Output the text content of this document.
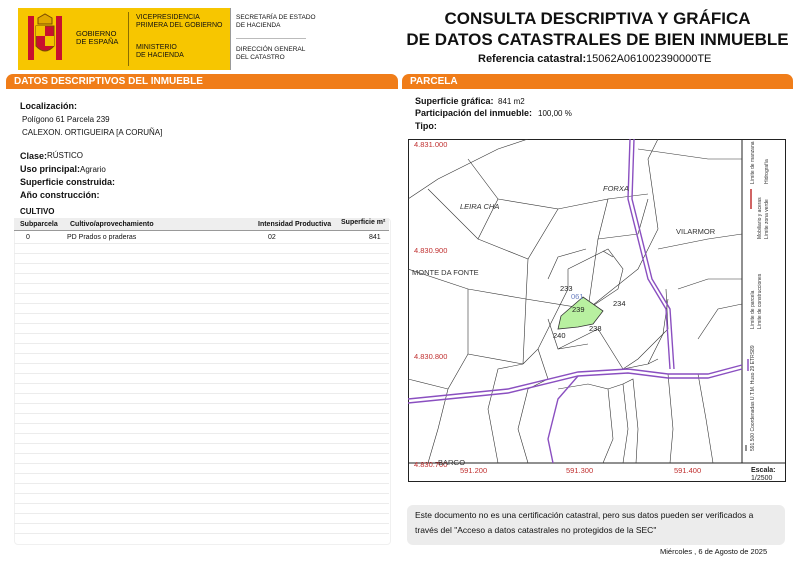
GOBIERNO
DE ESPAÑA
VICEPRESIDENCIA
PRIMERA DEL GOBIERNO
MINISTERIO
DE HACIENDA
SECRETARÍA DE ESTADO
DE HACIENDA
DIRECCIÓN GENERAL
DEL CATASTRO
CONSULTA DESCRIPTIVA Y GRÁFICA
DE DATOS CATASTRALES DE BIEN INMUEBLE
Referencia catastral: 15062A061002390000TE
DATOS DESCRIPTIVOS DEL INMUEBLE
Localización:
Polígono 61 Parcela 239
CALEXON. ORTIGUEIRA [A CORUÑA]
Clase: RÚSTICO
Uso principal: Agrario
Superficie construida:
Año construcción:
CULTIVO
Subparcela Cultivo/aprovechamiento	Intensidad Productiva Superficie m²
0	PD Prados o praderas	02	841
PARCELA
Superficie gráfica: 841 m2
Participación del inmueble: 100,00 %
Tipo:
4.831.000
4.830.900
4.830.800
4.830.700
591.200	591.300	591.400
LEIRA CHA
FORXA
VILARMOR
MONTE DA FONTE
BARGO
233
061
239
234
238
240
Límite de manzana
Límite de parcela Límite de construcciones
Mobiliario y aceras Límite zona verde
Hidrografía
591.500 Coordenadas U.T.M. Huso 29 ETRS89
Escala:
1/2500
Este documento no es una certificación catastral, pero sus datos pueden ser verificados a través del "Acceso a datos catastrales no protegidos de la SEC"
Miércoles , 6 de Agosto de 2025
